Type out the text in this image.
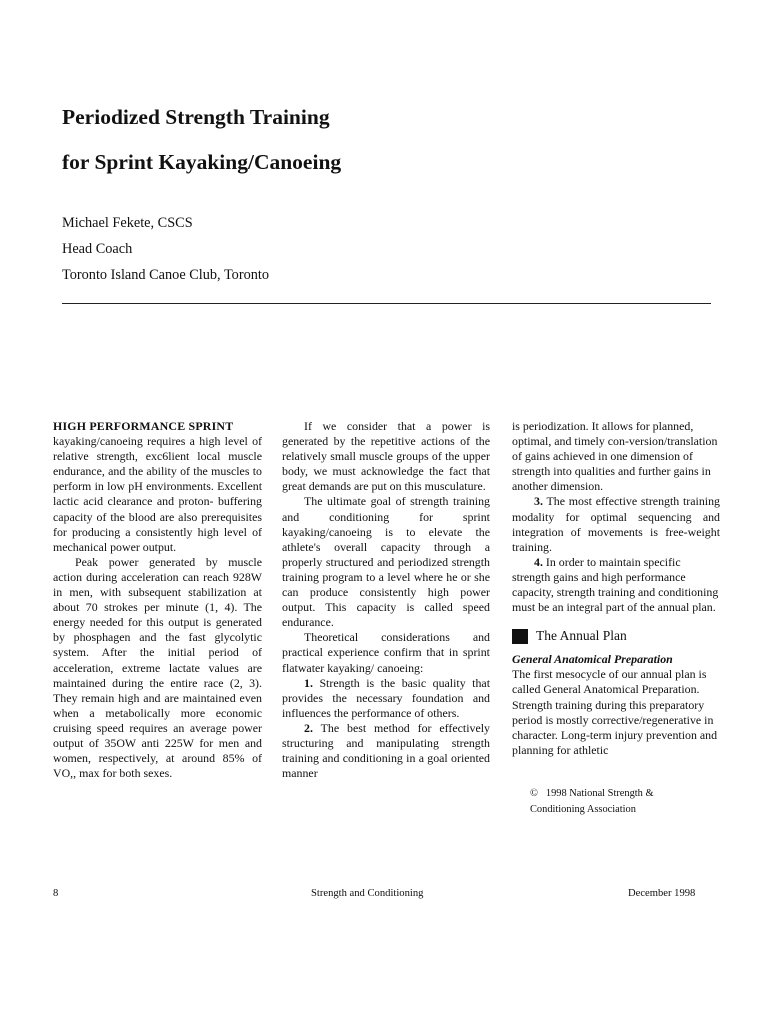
Periodized Strength Training
for Sprint Kayaking/Canoeing

Michael Fekete, CSCS

Head Coach

Toronto Island Canoe Club, Toronto

HIGH PERFORMANCE SPRINT
kayaking/canoeing requires a high level of relative strength, exc6lient local muscle endurance, and the ability of the muscles to perform in low pH environments. Excellent lactic acid clearance and proton- buffering capacity of the blood are also prerequisites for producing a consistently high level of mechanical power output.

Peak power generated by muscle action during acceleration can reach 928W in men, with subsequent stabilization at about 70 strokes per minute (1, 4). The energy needed for this output is generated by phosphagen and the fast glycolytic system. After the initial period of acceleration, extreme lactate values are maintained during the entire race (2, 3). They remain high and are maintained even when a metabolically more economic cruising speed requires an average power output of 35OW anti 225W for men and women, respectively, at around 85% of VO,, max for both sexes.

If we consider that a power is generated by the repetitive actions of the relatively small muscle groups of the upper body, we must acknowledge the fact that great demands are put on this musculature.

The ultimate goal of strength training and conditioning for sprint kayaking/canoeing is to elevate the athlete's overall capacity through a properly structured and periodized strength training program to a level where he or she can produce consistently high power output. This capacity is called speed endurance.

Theoretical considerations and practical experience confirm that in sprint flatwater kayaking/ canoeing:

1. Strength is the basic quality that provides the necessary foundation and influences the performance of others.

2. The best method for effectively structuring and manipulating strength training and conditioning in a goal oriented manner

is periodization. It allows for planned, optimal, and timely con-version/translation of gains achieved in one dimension of strength into qualities and further gains in another dimension.

3. The most effective strength training modality for optimal sequencing and integration of movements is free-weight training.

4. In order to maintain specific strength gains and high performance capacity, strength training and conditioning must be an integral part of the annual plan.

The Annual Plan

General Anatomical Preparation

The first mesocycle of our annual plan is called General Anatomical Preparation. Strength training during this preparatory period is mostly corrective/regenerative in character. Long-term injury prevention and planning for athletic

© 1998 National Strength &
Conditioning Association
8	Strength and Conditioning	December 1998
